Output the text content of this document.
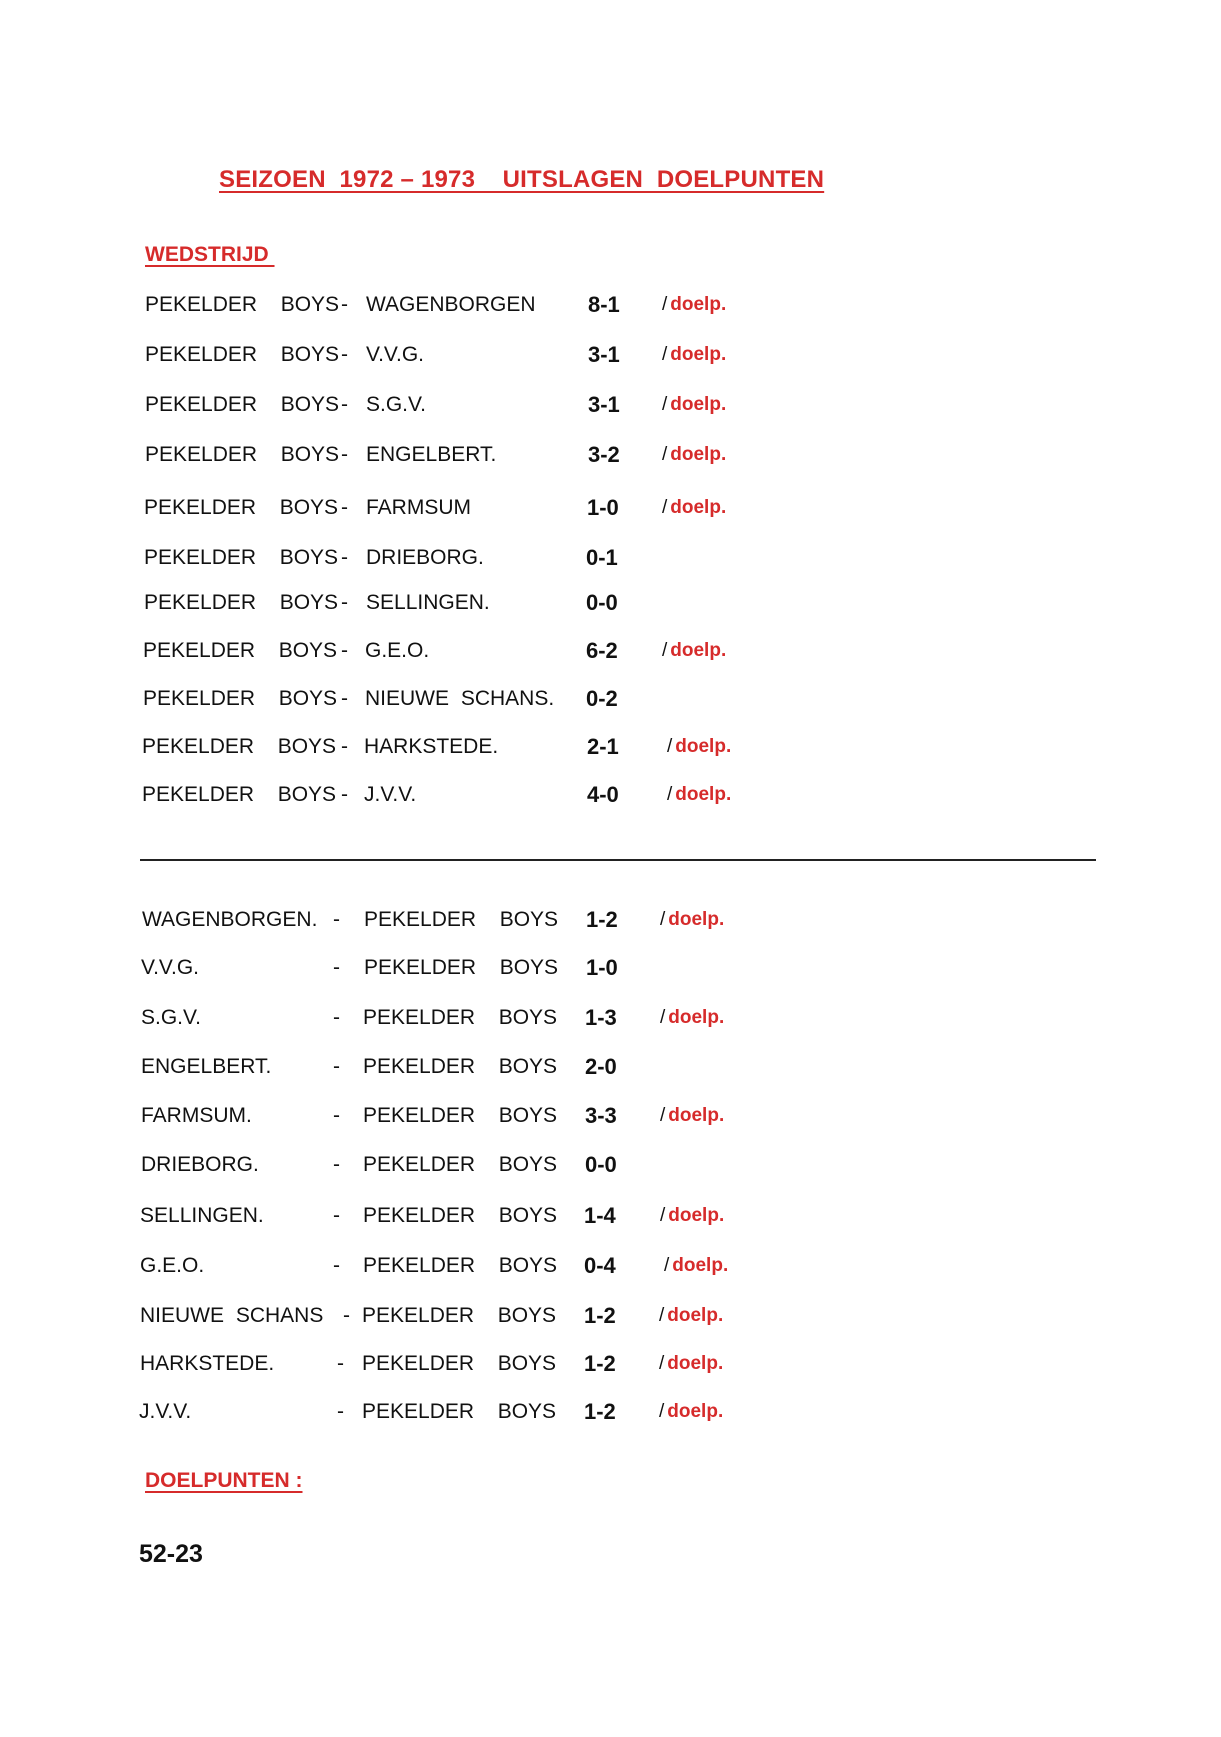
SEIZOEN  1972 – 1973    UITSLAGEN  DOELPUNTEN
WEDSTRIJD
PEKELDER  BOYS - WAGENBORGEN 8-1 / doelp.
PEKELDER  BOYS - V.V.G.	3-1 / doelp.
PEKELDER  BOYS - S.G.V.	3-1 / doelp.
PEKELDER  BOYS - ENGELBERT.	3-2 / doelp.
PEKELDER  BOYS - FARMSUM	1-0 / doelp.
PEKELDER  BOYS - DRIEBORG.	0-1
PEKELDER  BOYS - SELLINGEN.	0-0
PEKELDER  BOYS - G.E.O.	6-2 / doelp.
PEKELDER  BOYS - NIEUWE SCHANS. 0-2
PEKELDER  BOYS - HARKSTEDE.	2-1	/ doelp.
PEKELDER  BOYS - J.V.V.	4-0	/ doelp.
WAGENBORGEN. - PEKELDER  BOYS 1-2 / doelp.
V.V.G.	- PEKELDER  BOYS 1-0
S.G.V.	- PEKELDER  BOYS 1-3 / doelp.
ENGELBERT.	- PEKELDER  BOYS 2-0
FARMSUM.	- PEKELDER  BOYS 3-3 / doelp.
DRIEBORG.	- PEKELDER  BOYS 0-0
SELLINGEN.	- PEKELDER  BOYS 1-4 / doelp.
G.E.O.	- PEKELDER  BOYS 0-4	/ doelp.
NIEUWE SCHANS - PEKELDER  BOYS 1-2 / doelp.
HARKSTEDE.	- PEKELDER  BOYS 1-2 / doelp.
J.V.V.	- PEKELDER  BOYS 1-2 / doelp.
DOELPUNTEN :
52-23
